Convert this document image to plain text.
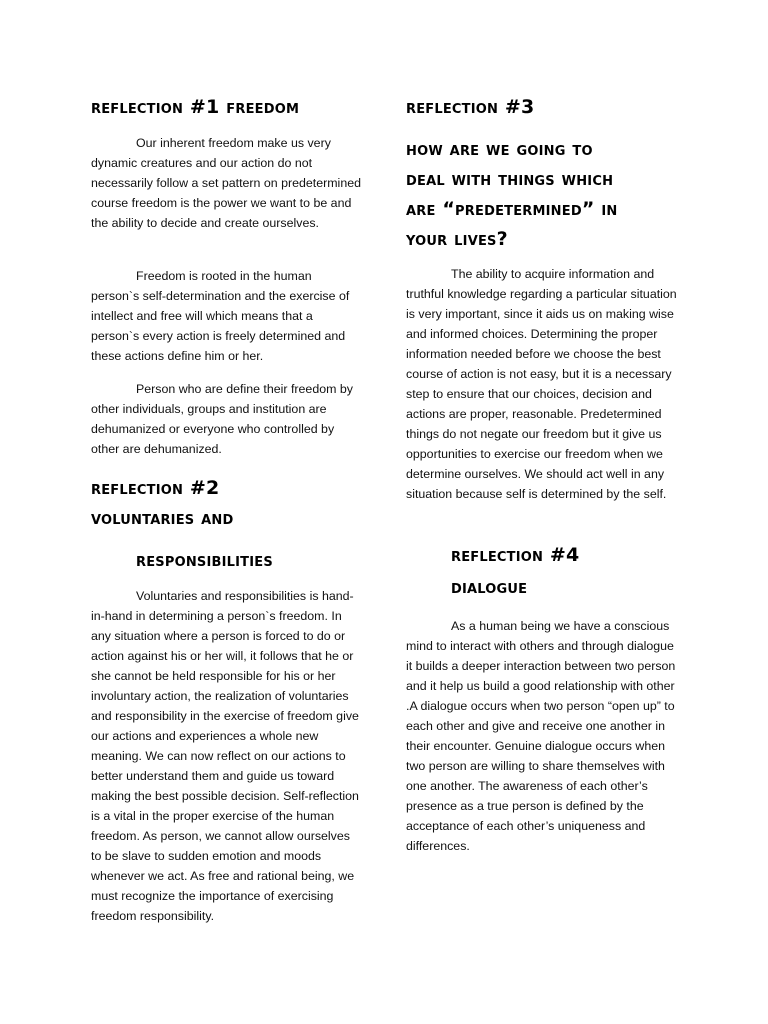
reflection #1 freedom

Our inherent freedom make us very dynamic creatures and our action do not necessarily follow a set pattern on predetermined course freedom is the power we want to be and the ability to decide and create ourselves.

Freedom is rooted in the human person`s self-determination and the exercise of intellect and free will which means that a person`s every action is freely determined and these actions define him or her.

Person who are define their freedom by other individuals, groups and institution are dehumanized or everyone who controlled by other are dehumanized.

reflection #2
voluntaries and
responsibilities

Voluntaries and responsibilities is hand-in-hand in determining a person`s freedom. In any situation where a person is forced to do or action against his or her will, it follows that he or she cannot be held responsible for his or her involuntary action, the realization of voluntaries and responsibility in the exercise of freedom give our actions and experiences a whole new meaning. We can now reflect on our actions to better understand them and guide us toward making the best possible decision. Self-reflection is a vital in the proper exercise of the human freedom. As person, we cannot allow ourselves to be slave to sudden emotion and moods whenever we act. As free and rational being, we must recognize the importance of exercising freedom responsibility.

reflection #3
how are we going to
deal with things which
are “predetermined” in
your lives?

The ability to acquire information and truthful knowledge regarding a particular situation is very important, since it aids us on making wise and informed choices. Determining the proper information needed before we choose the best course of action is not easy, but it is a necessary step to ensure that our choices, decision and actions are proper, reasonable. Predetermined things do not negate our freedom but it give us opportunities to exercise our freedom when we determine ourselves. We should act well in any situation because self is determined by the self.

reflection #4
dialogue

As a human being we have a conscious mind to interact with others and through dialogue it builds a deeper interaction between two person and it help us build a good relationship with other .A dialogue occurs when two person “open up” to each other and give and receive one another in their encounter. Genuine dialogue occurs when two person are willing to share themselves with one another. The awareness of each other’s presence as a true person is defined by the acceptance of each other’s uniqueness and differences.
